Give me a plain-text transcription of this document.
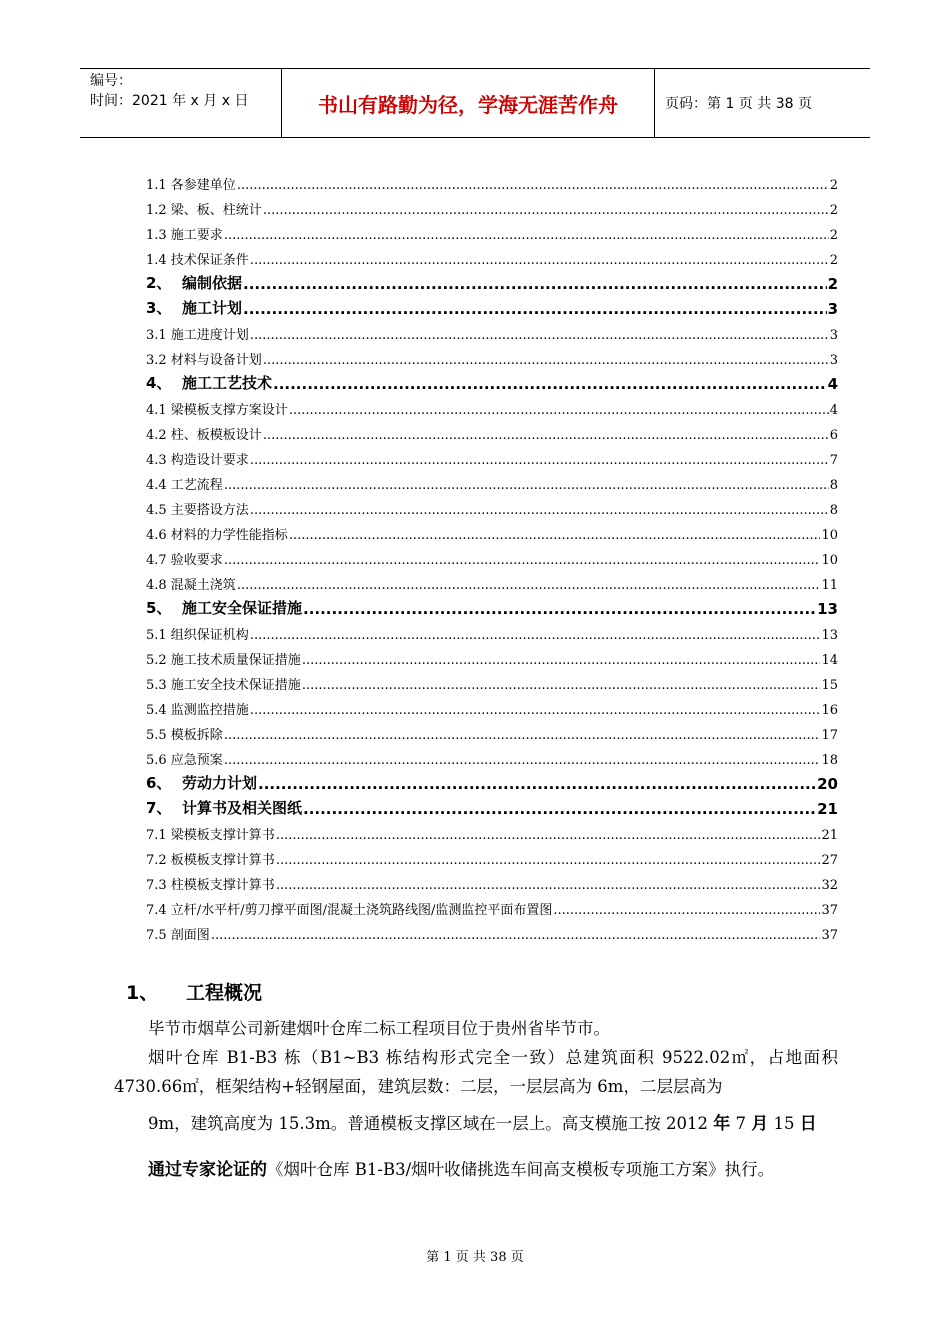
编号：
时间：2021 年 x 月 x 日	书山有路勤为径，学海无涯苦作舟	页码：第 1 页 共 38 页
1.1 各参建单位 .....	2
1.2 梁、板、柱统计 .....	2
1.3 施工要求 .....	2
1.4 技术保证条件 .....	2
2、 编制依据 .....	2
3、 施工计划 .....	3
3.1 施工进度计划 .....	3
3.2 材料与设备计划 .....	3
4、 施工工艺技术 .....	4
4.1 梁模板支撑方案设计 .....	4
4.2 柱、板模板设计 .....	6
4.3 构造设计要求 .....	7
4.4 工艺流程 .....	8
4.5 主要搭设方法 .....	8
4.6 材料的力学性能指标 .....	10
4.7 验收要求 .....	10
4.8 混凝土浇筑 .....	11
5、 施工安全保证措施 .....	13
5.1 组织保证机构 .....	13
5.2 施工技术质量保证措施 .....	14
5.3 施工安全技术保证措施 .....	15
5.4 监测监控措施 .....	16
5.5 模板拆除 .....	17
5.6 应急预案 .....	18
6、 劳动力计划 .....	20
7、 计算书及相关图纸 .....	21
7.1 梁模板支撑计算书 .....	21
7.2 板模板支撑计算书 .....	27
7.3 柱模板支撑计算书 .....	32
7.4 立杆/水平杆/剪刀撑平面图/混凝土浇筑路线图/监测监控平面布置图 .....	37
7.5 剖面图 .....	37
1、 工程概况

毕节市烟草公司新建烟叶仓库二标工程项目位于贵州省毕节市。

烟叶仓库 B1-B3 栋（B1~B3 栋结构形式完全一致）总建筑面积 9522.02㎡，占地面积 4730.66㎡，框架结构+轻钢屋面，建筑层数：二层，一层层高为 6m，二层层高为
9m，建筑高度为 15.3m。普通模板支撑区域在一层上。高支模施工按 2012 年 7 月 15 日
通过专家论证的《烟叶仓库 B1-B3/烟叶收储挑选车间高支模板专项施工方案》执行。

第 1 页 共 38 页
